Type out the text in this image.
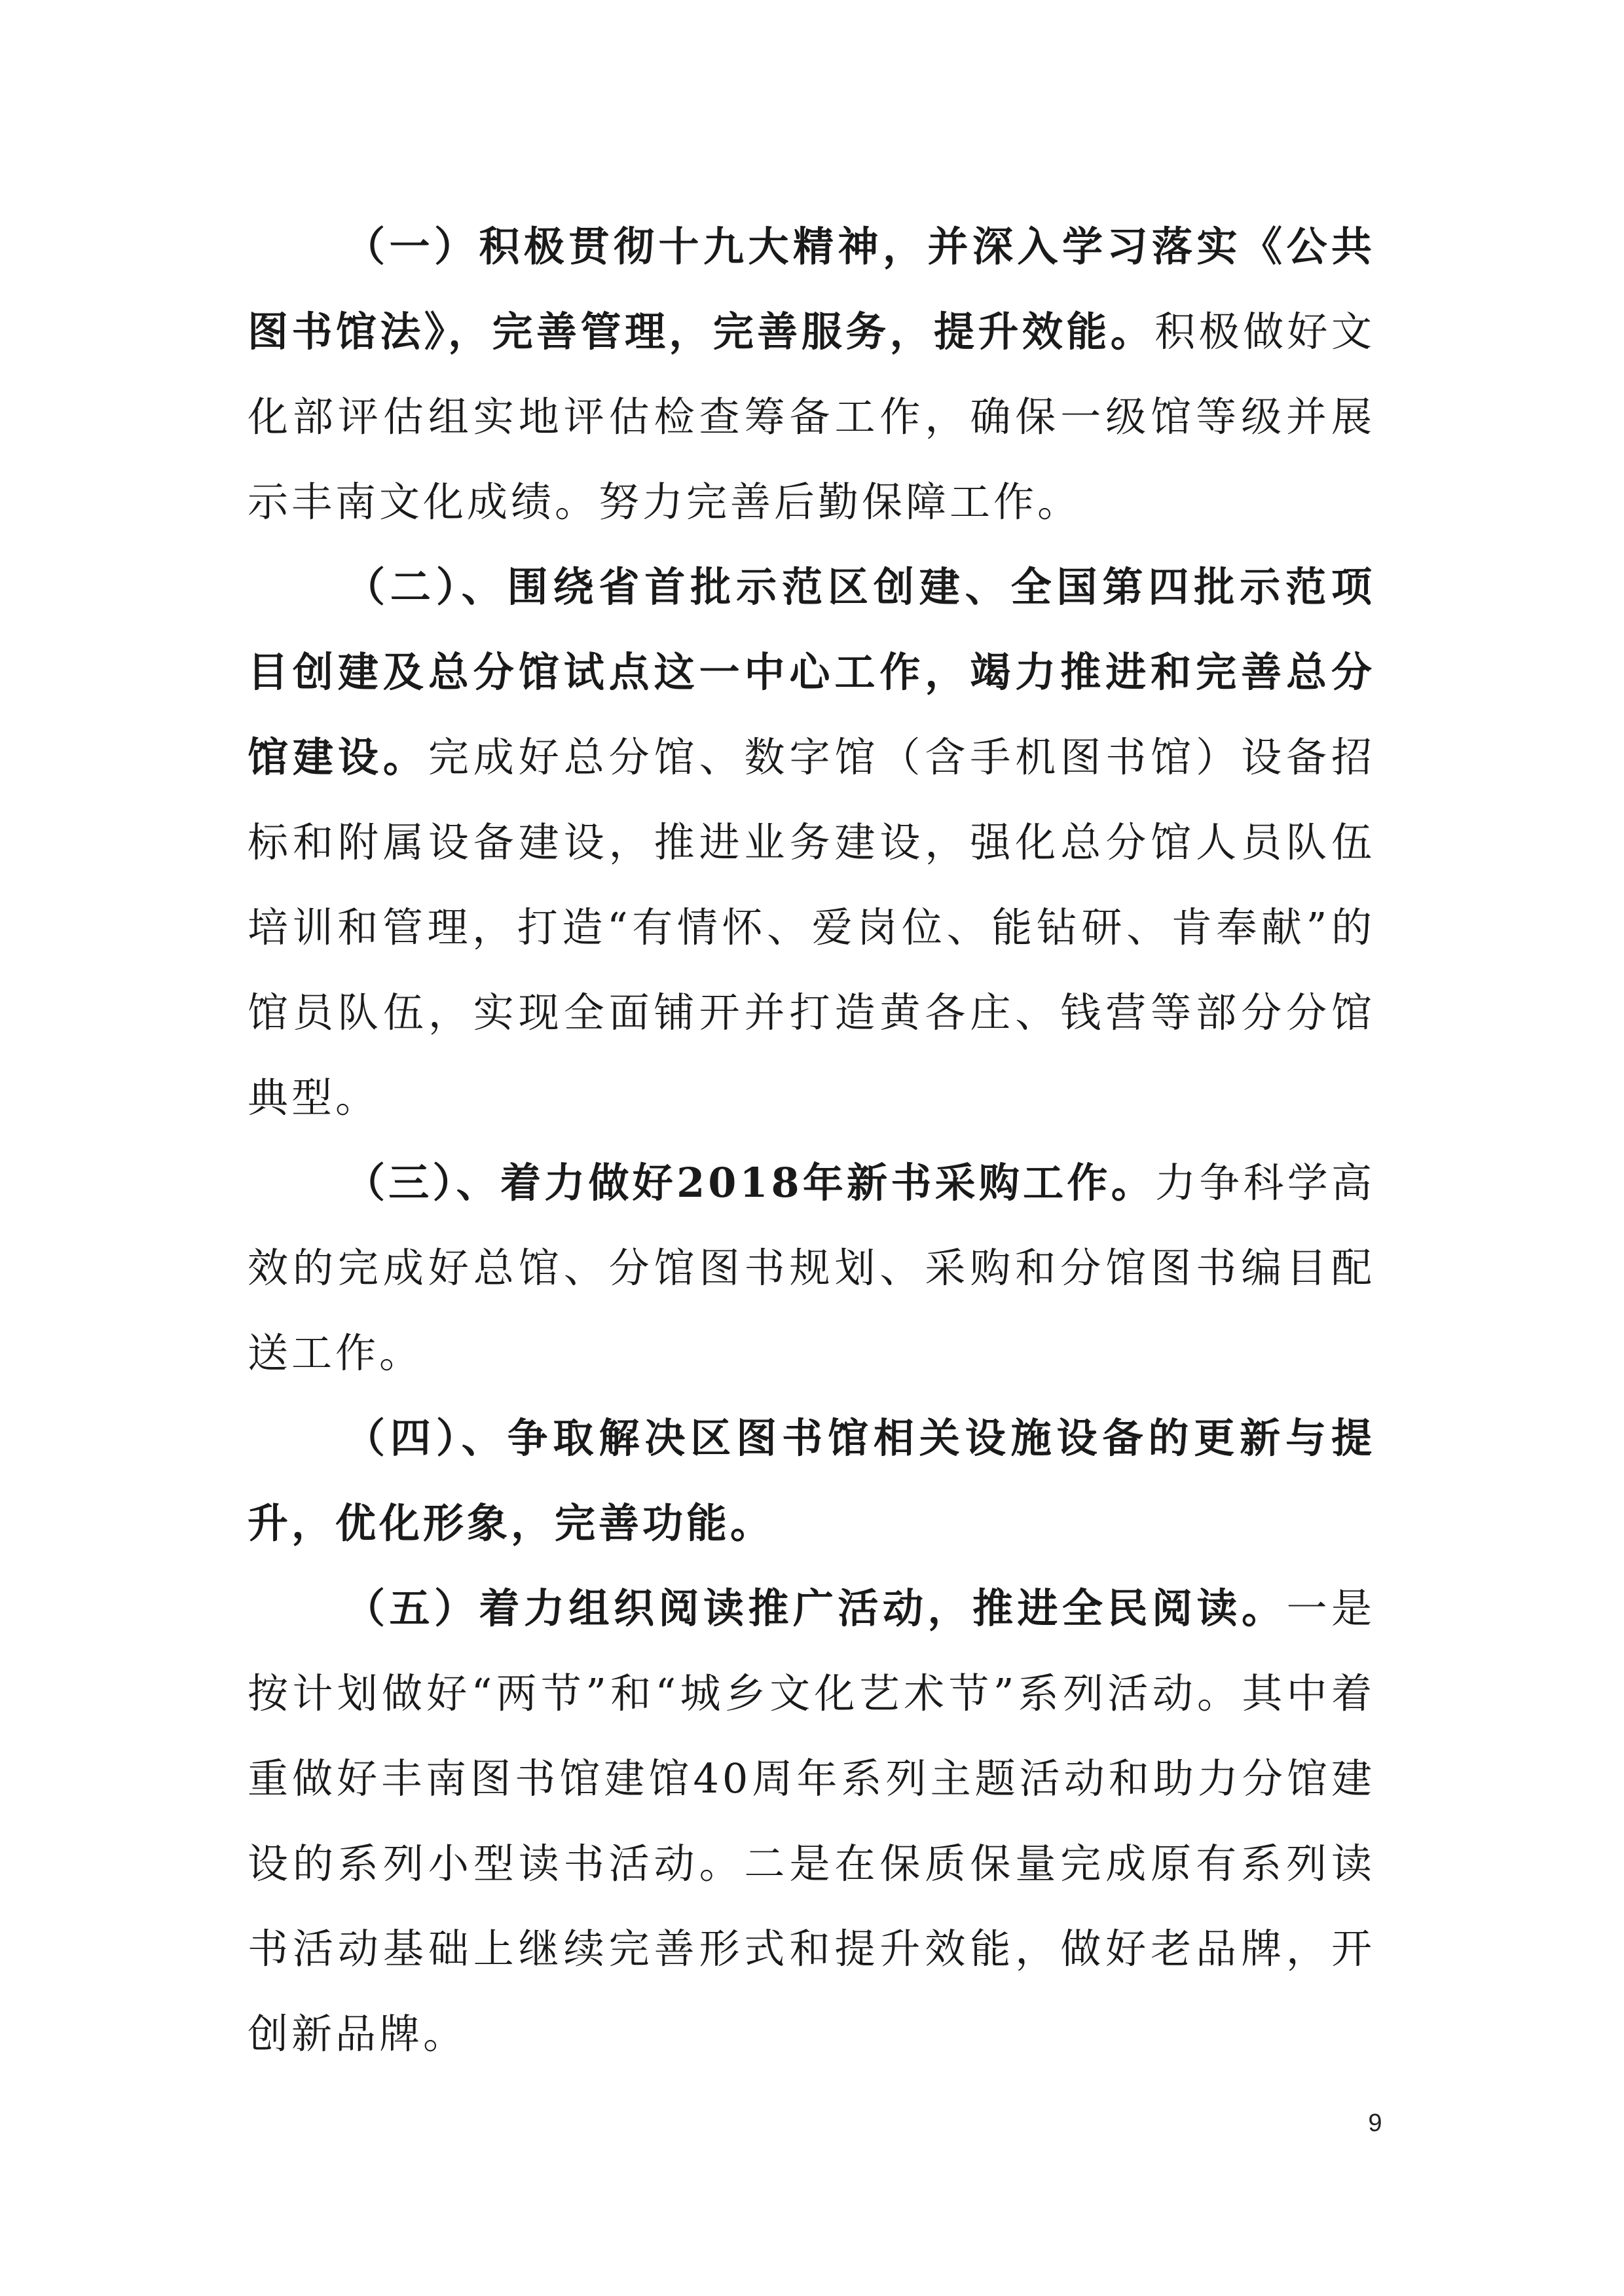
（一）积极贯彻十九大精神，并深入学习落实《公共图书馆法》，完善管理，完善服务，提升效能。积极做好文化部评估组实地评估检查筹备工作，确保一级馆等级并展示丰南文化成绩。努力完善后勤保障工作。

（二）、围绕省首批示范区创建、全国第四批示范项目创建及总分馆试点这一中心工作，竭力推进和完善总分馆建设。完成好总分馆、数字馆（含手机图书馆）设备招标和附属设备建设，推进业务建设，强化总分馆人员队伍培训和管理，打造“有情怀、爱岗位、能钻研、肯奉献”的馆员队伍，实现全面铺开并打造黄各庄、钱营等部分分馆典型。

（三）、着力做好2018年新书采购工作。力争科学高效的完成好总馆、分馆图书规划、采购和分馆图书编目配送工作。

（四）、争取解决区图书馆相关设施设备的更新与提升，优化形象，完善功能。

（五）着力组织阅读推广活动，推进全民阅读。一是按计划做好“两节”和“城乡文化艺术节”系列活动。其中着重做好丰南图书馆建馆40周年系列主题活动和助力分馆建设的系列小型读书活动。二是在保质保量完成原有系列读书活动基础上继续完善形式和提升效能，做好老品牌，开创新品牌。

9
